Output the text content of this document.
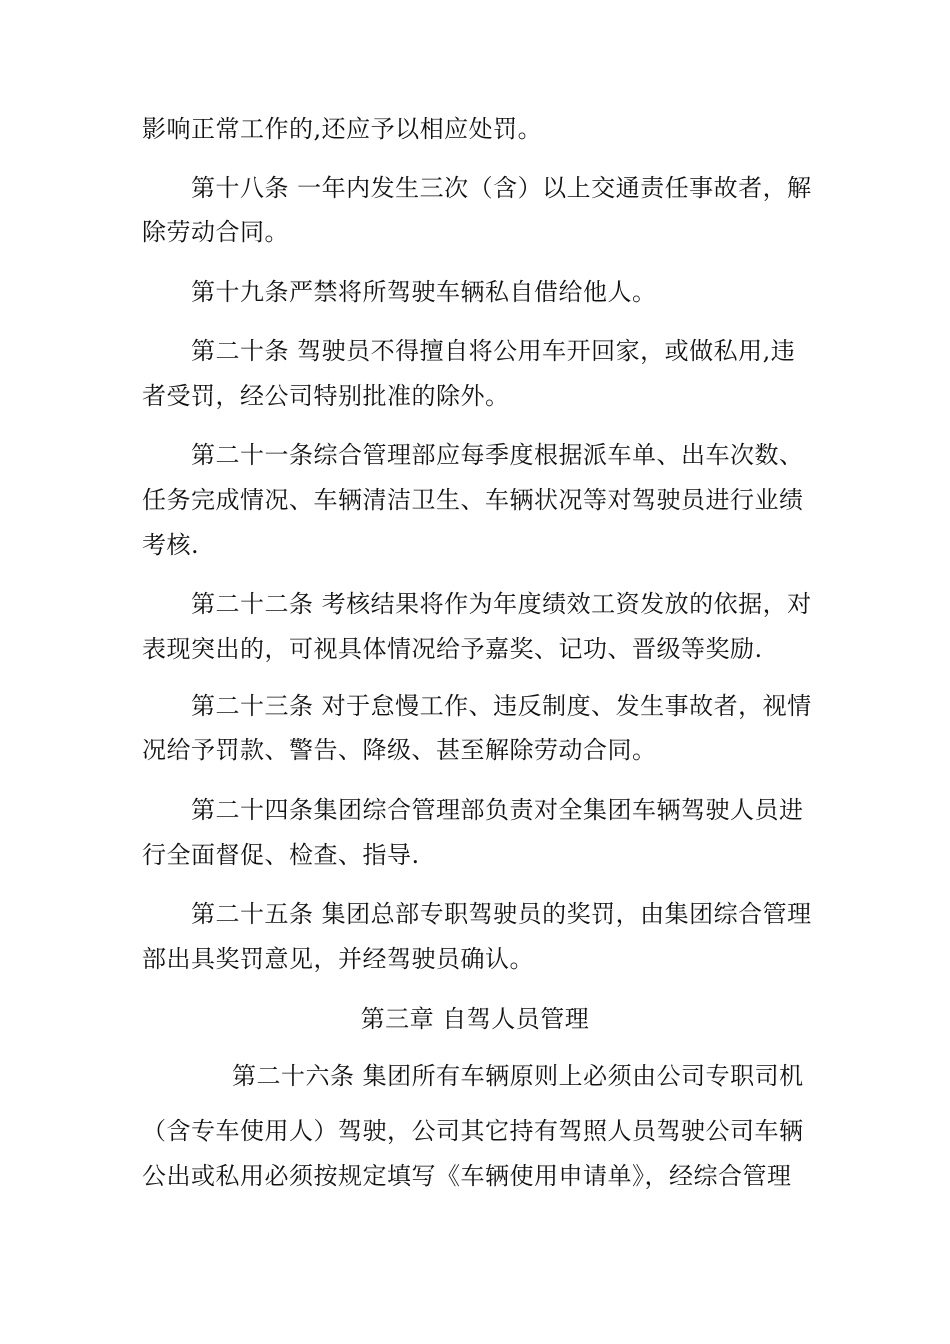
影响正常工作的,还应予以相应处罚。
第十八条 一年内发生三次（含）以上交通责任事故者，解
除劳动合同。
第十九条严禁将所驾驶车辆私自借给他人。
第二十条 驾驶员不得擅自将公用车开回家，或做私用,违
者受罚，经公司特别批准的除外。
第二十一条综合管理部应每季度根据派车单、出车次数、
任务完成情况、车辆清洁卫生、车辆状况等对驾驶员进行业绩
考核.
第二十二条 考核结果将作为年度绩效工资发放的依据，对
表现突出的，可视具体情况给予嘉奖、记功、晋级等奖励.
第二十三条 对于怠慢工作、违反制度、发生事故者，视情
况给予罚款、警告、降级、甚至解除劳动合同。
第二十四条集团综合管理部负责对全集团车辆驾驶人员进
行全面督促、检查、指导.
第二十五条 集团总部专职驾驶员的奖罚，由集团综合管理
部出具奖罚意见，并经驾驶员确认。
第三章 自驾人员管理
第二十六条 集团所有车辆原则上必须由公司专职司机
（含专车使用人）驾驶，公司其它持有驾照人员驾驶公司车辆
公出或私用必须按规定填写《车辆使用申请单》，经综合管理
